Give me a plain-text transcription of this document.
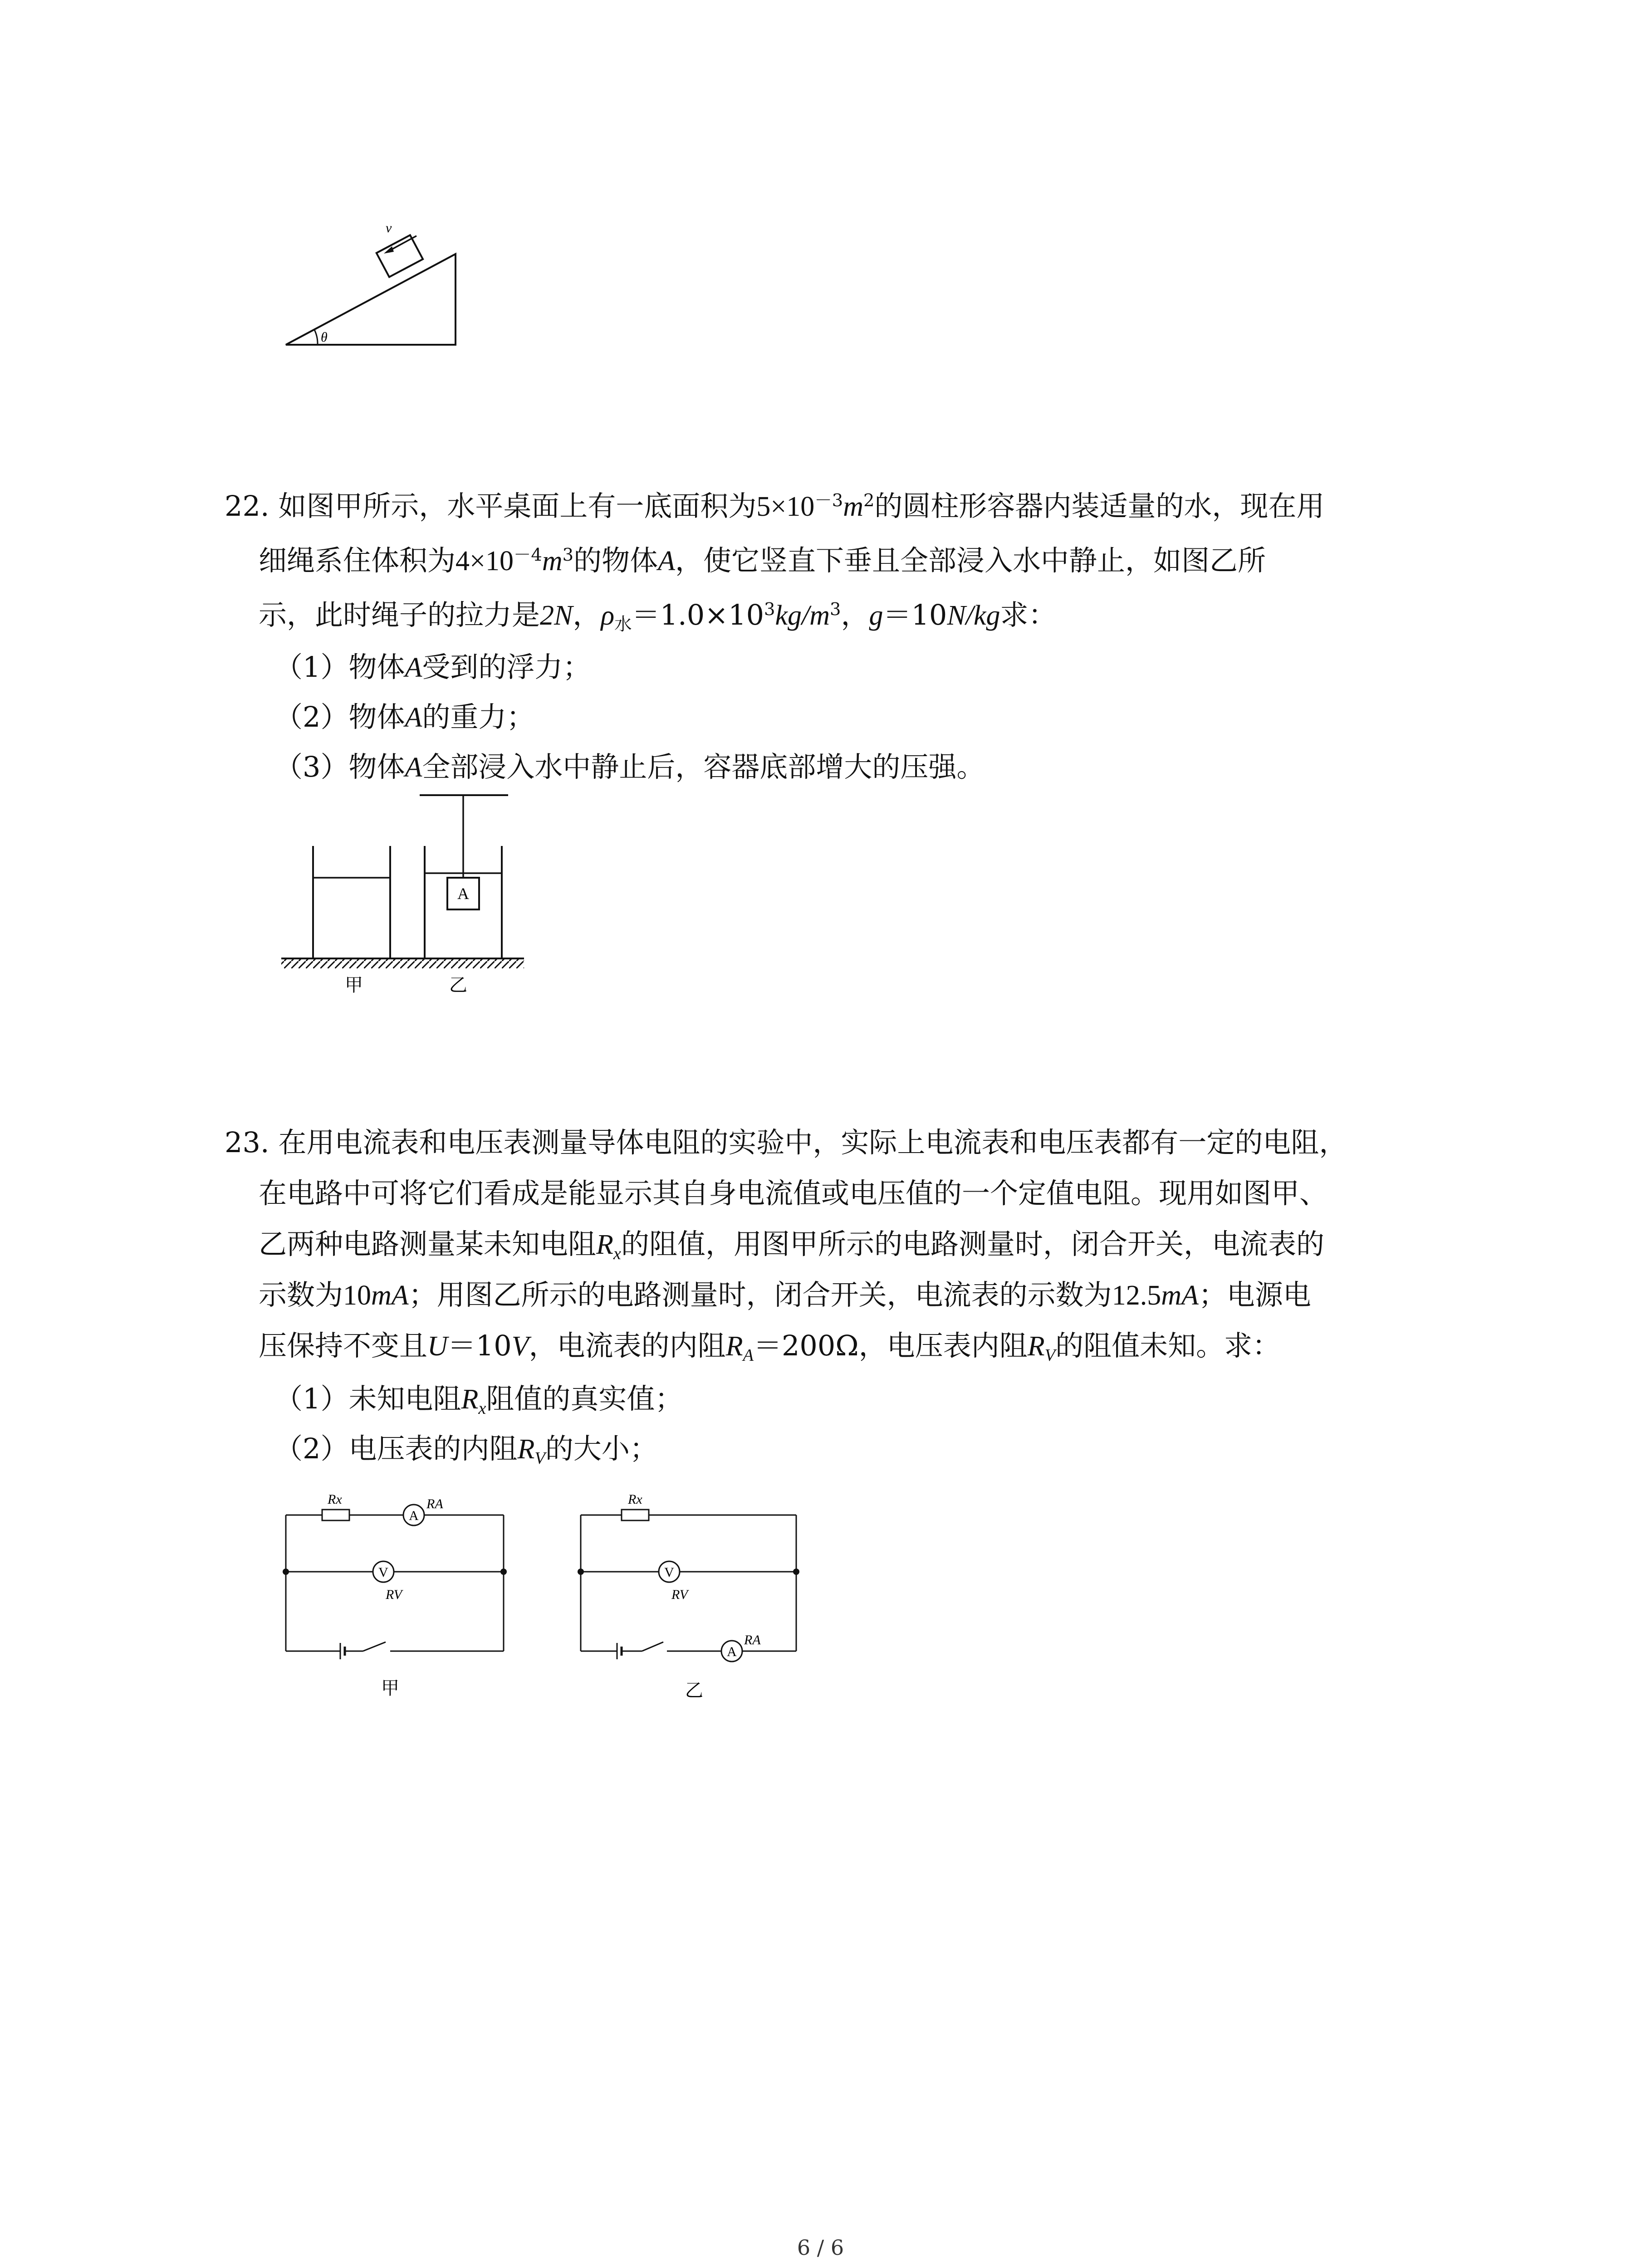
v
θ
22. 如图甲所示，水平桌面上有一底面积为$5\times 10^{-3}m^2$的圆柱形容器内装适量的水，现在用
细绳系住体积为$4\times 10^{-4}m^3$的物体A，使它竖直下垂且全部浸入水中静止，如图乙所
示，此时绳子的拉力是2N，ρ水$=1.0\times 10^3kg/m^3$，g＝10N/kg求：
（1）物体A受到的浮力；
（2）物体A的重力；
（3）物体A全部浸入水中静止后，容器底部增大的压强。
A
甲	乙
23. 在用电流表和电压表测量导体电阻的实验中，实际上电流表和电压表都有一定的电阻，
在电路中可将它们看成是能显示其自身电流值或电压值的一个定值电阻。现用如图甲、
乙两种电路测量某未知电阻Rx的阻值，用图甲所示的电路测量时，闭合开关，电流表的
示数为10mA；用图乙所示的电路测量时，闭合开关，电流表的示数为12.5mA；电源电
压保持不变且U＝10V，电流表的内阻RA＝200Ω，电压表内阻RV的阻值未知。求：
（1）未知电阻Rx阻值的真实值；
（2）电压表的内阻RV的大小；
Rx
A
RA
V
RV
甲
Rx
V
RV
A
RA
乙
6 / 6
